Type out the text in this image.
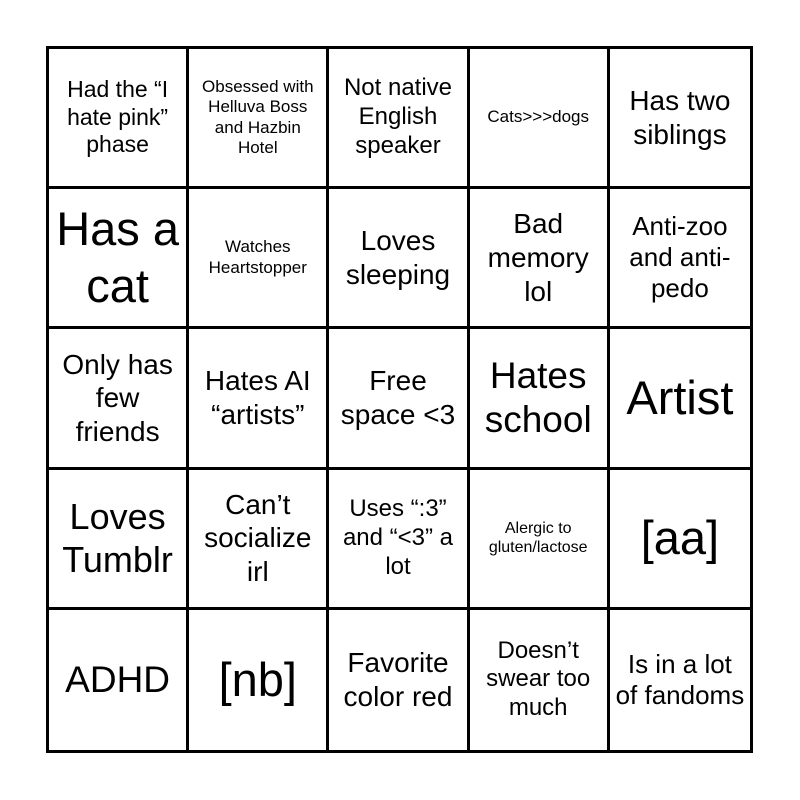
Had the “I hate pink” phase
Obsessed with Helluva Boss and Hazbin Hotel
Not native English speaker
Cats>>>dogs
Has two siblings
Has a cat
Watches Heartstopper
Loves sleeping
Bad memory lol
Anti-zoo and anti-pedo
Only has few friends
Hates AI “artists”
Free space <3
Hates school Artist
Loves Tumblr
Can’t socialize irl
Uses “:3” and “<3” a lot
Alergic to gluten/lactose	[aa]
ADHD [nb]	Favorite color red
Doesn’t swear too much
Is in a lot of fandoms
